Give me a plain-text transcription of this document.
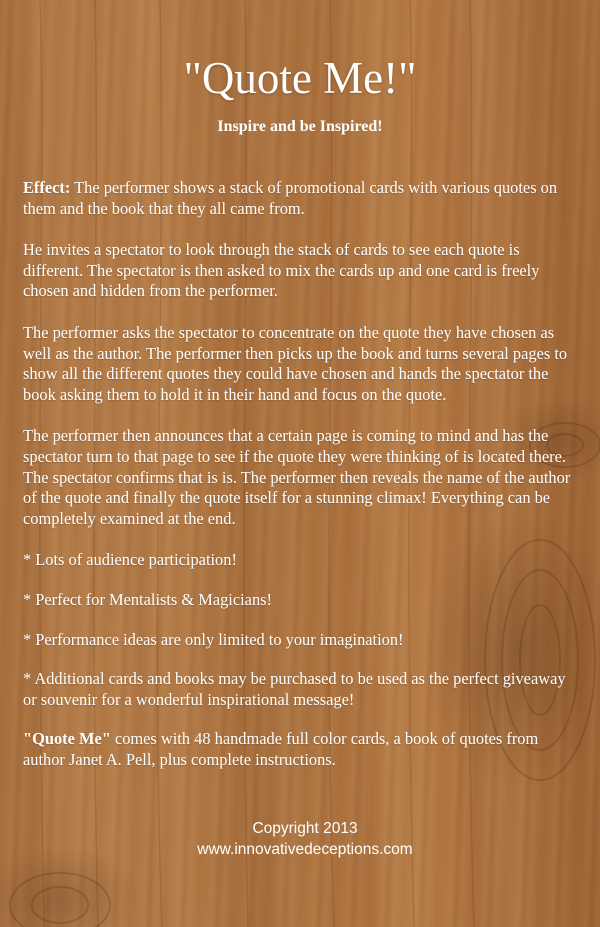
"Quote Me!"
Inspire and be Inspired!

Effect: The performer shows a stack of promotional cards with various quotes on them and the book that they all came from.

He invites a spectator to look through the stack of cards to see each quote is different. The spectator is then asked to mix the cards up and one card is freely chosen and hidden from the performer.

The performer asks the spectator to concentrate on the quote they have chosen as well as the author. The performer then picks up the book and turns several pages to show all the different quotes they could have chosen and hands the spectator the book asking them to hold it in their hand and focus on the quote.

The performer then announces that a certain page is coming to mind and has the spectator turn to that page to see if the quote they were thinking of is located there. The spectator confirms that is is. The performer then reveals the name of the author of the quote and finally the quote itself for a stunning climax! Everything can be completely examined at the end.

* Lots of audience participation!

* Perfect for Mentalists & Magicians!

* Performance ideas are only limited to your imagination!

* Additional cards and books may be purchased to be used as the perfect giveaway or souvenir for a wonderful inspirational message!

"Quote Me" comes with 48 handmade full color cards, a book of quotes from author Janet A. Pell, plus complete instructions.

Copyright 2013
www.innovativedeceptions.com
